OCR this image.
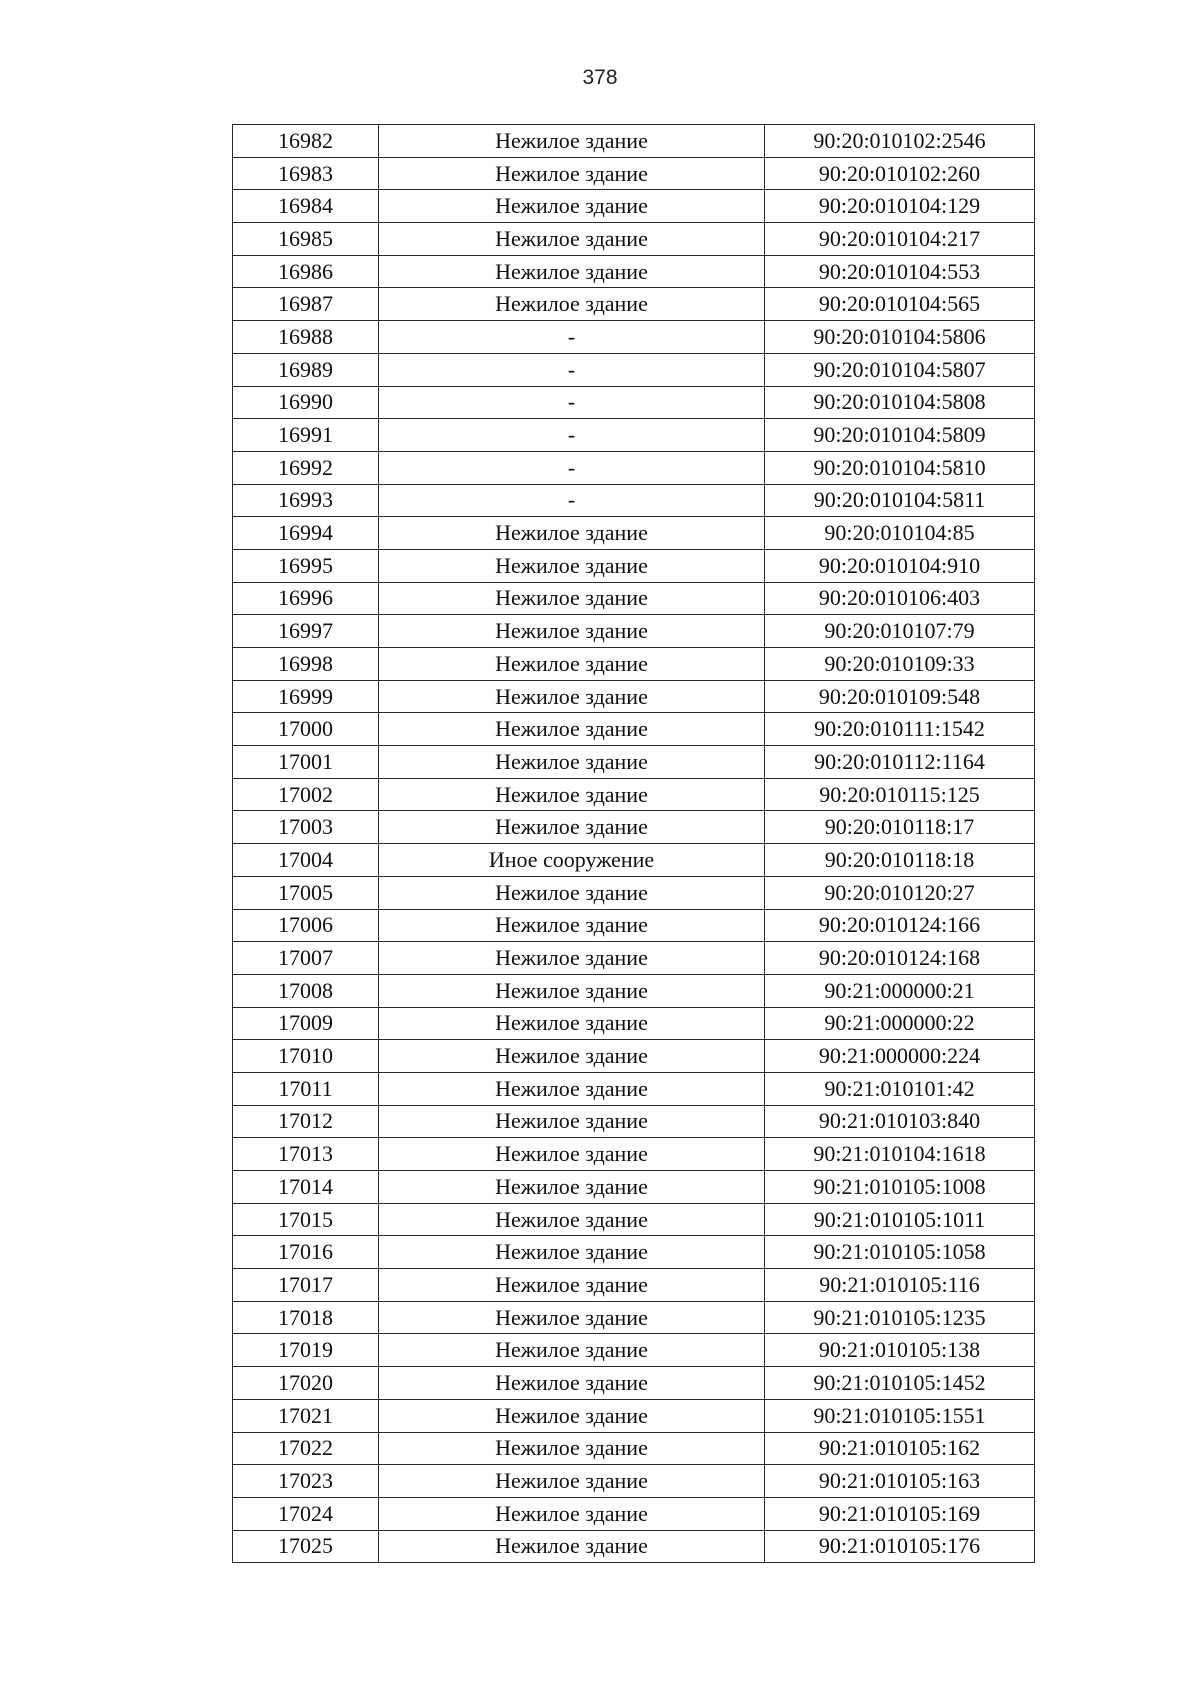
378
16982	Нежилое здание	90:20:010102:2546
16983	Нежилое здание	90:20:010102:260
16984	Нежилое здание	90:20:010104:129
16985	Нежилое здание	90:20:010104:217
16986	Нежилое здание	90:20:010104:553
16987	Нежилое здание	90:20:010104:565
16988	-	90:20:010104:5806
16989	-	90:20:010104:5807
16990	-	90:20:010104:5808
16991	-	90:20:010104:5809
16992	-	90:20:010104:5810
16993	-	90:20:010104:5811
16994	Нежилое здание	90:20:010104:85
16995	Нежилое здание	90:20:010104:910
16996	Нежилое здание	90:20:010106:403
16997	Нежилое здание	90:20:010107:79
16998	Нежилое здание	90:20:010109:33
16999	Нежилое здание	90:20:010109:548
17000	Нежилое здание	90:20:010111:1542
17001	Нежилое здание	90:20:010112:1164
17002	Нежилое здание	90:20:010115:125
17003	Нежилое здание	90:20:010118:17
17004	Иное сооружение	90:20:010118:18
17005	Нежилое здание	90:20:010120:27
17006	Нежилое здание	90:20:010124:166
17007	Нежилое здание	90:20:010124:168
17008	Нежилое здание	90:21:000000:21
17009	Нежилое здание	90:21:000000:22
17010	Нежилое здание	90:21:000000:224
17011	Нежилое здание	90:21:010101:42
17012	Нежилое здание	90:21:010103:840
17013	Нежилое здание	90:21:010104:1618
17014	Нежилое здание	90:21:010105:1008
17015	Нежилое здание	90:21:010105:1011
17016	Нежилое здание	90:21:010105:1058
17017	Нежилое здание	90:21:010105:116
17018	Нежилое здание	90:21:010105:1235
17019	Нежилое здание	90:21:010105:138
17020	Нежилое здание	90:21:010105:1452
17021	Нежилое здание	90:21:010105:1551
17022	Нежилое здание	90:21:010105:162
17023	Нежилое здание	90:21:010105:163
17024	Нежилое здание	90:21:010105:169
17025	Нежилое здание	90:21:010105:176
